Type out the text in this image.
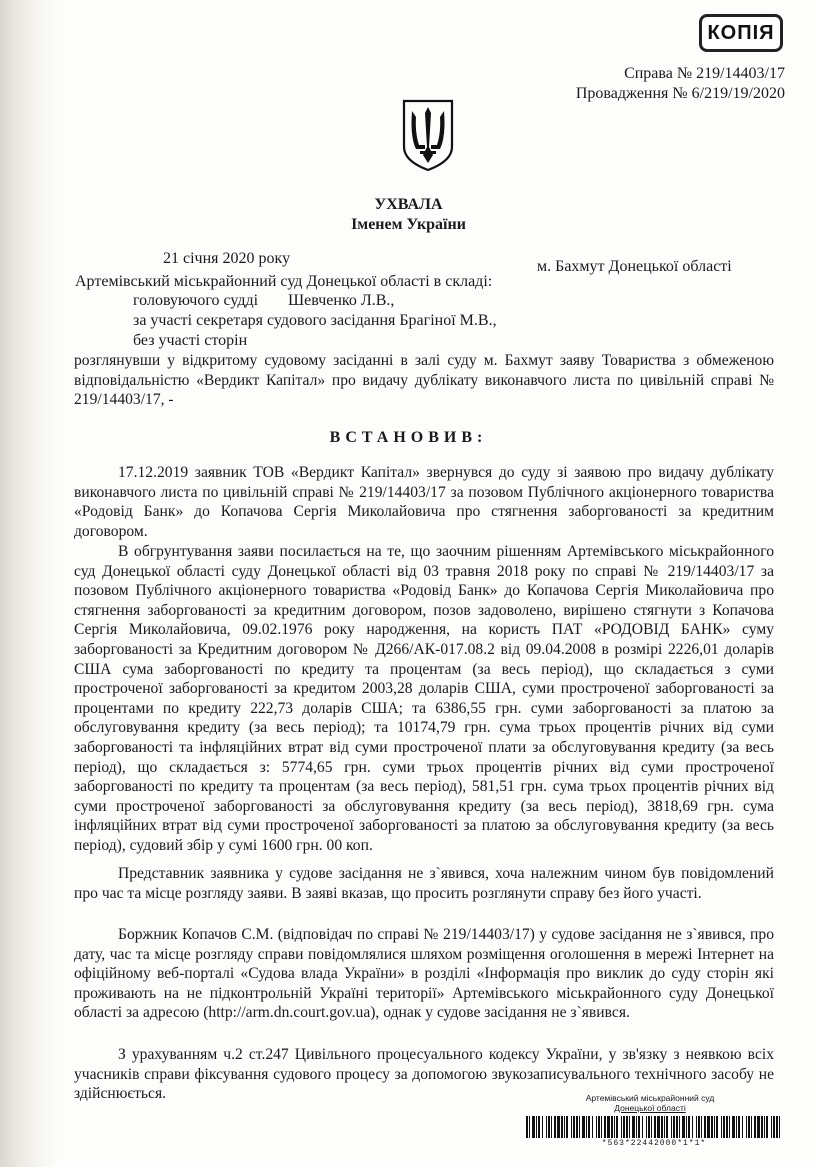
КОПІЯ
Справа № 219/14403/17
Провадження № 6/219/19/2020
УХВАЛА
Іменем України
21 січня 2020 року	м. Бахмут Донецької області
Артемівський міськрайонний суд Донецької області в складі:
головуючого судді Шевченко Л.В.,
за участі секретаря судового засідання Брагіної М.В.,
без участі сторін
розглянувши у відкритому судовому засіданні в залі суду м. Бахмут заяву Товариства з обмеженою відповідальністю «Вердикт Капітал» про видачу дублікату виконавчого листа по цивільній справі № 219/14403/17, -
ВСТАНОВИВ:
17.12.2019 заявник ТОВ «Вердикт Капітал» звернувся до суду зі заявою про видачу дублікату виконавчого листа по цивільній справі № 219/14403/17 за позовом Публічного акціонерного товариства «Родовід Банк» до Копачова Сергія Миколайовича про стягнення заборгованості за кредитним договором.
В обгрунтування заяви посилається на те, що заочним рішенням Артемівського міськрайонного суд Донецької області суду Донецької області від 03 травня 2018 року по справі № 219/14403/17 за позовом Публічного акціонерного товариства «Родовід Банк» до Копачова Сергія Миколайовича про стягнення заборгованості за кредитним договором, позов задоволено, вирішено стягнути з Копачова Сергія Миколайовича, 09.02.1976 року народження, на користь ПАТ «РОДОВІД БАНК» суму заборгованості за Кредитним договором № Д266/АК-017.08.2 від 09.04.2008 в розмірі 2226,01 доларів США сума заборгованості по кредиту та процентам (за весь період), що складається з суми простроченої заборгованості за кредитом 2003,28 доларів США, суми простроченої заборгованості за процентами по кредиту 222,73 доларів США; та 6386,55 грн. суми заборгованості за платою за обслуговування кредиту (за весь період); та 10174,79 грн. сума трьох процентів річних від суми заборгованості та інфляційних втрат від суми простроченої плати за обслуговування кредиту (за весь період), що складається з: 5774,65 грн. суми трьох процентів річних від суми простроченої заборгованості по кредиту та процентам (за весь період), 581,51 грн. сума трьох процентів річних від суми простроченої заборгованості за обслуговування кредиту (за весь період), 3818,69 грн. сума інфляційних втрат від суми простроченої заборгованості за платою за обслуговування кредиту (за весь період), судовий збір у сумі 1600 грн. 00 коп.
Представник заявника у судове засідання не з`явився, хоча належним чином був повідомлений про час та місце розгляду заяви. В заяві вказав, що просить розглянути справу без його участі.
Боржник Копачов С.М. (відповідач по справі № 219/14403/17) у судове засідання не з`явився, про дату, час та місце розгляду справи повідомлялися шляхом розміщення оголошення в мережі Інтернет на офіційному веб-порталі «Судова влада України» в розділі «Інформація про виклик до суду сторін які проживають на не підконтрольній Україні території» Артемівського міськрайонного суду Донецької області за адресою (http://arm.dn.court.gov.ua), однак у судове засідання не з`явився.
З урахуванням ч.2 ст.247 Цивільного процесуального кодексу України, у зв'язку з неявкою всіх учасників справи фіксування судового процесу за допомогою звукозаписувального технічного засобу не здійснюється.	Артемівський міськрайонний суд
Донецької області
*563*22442000*1*1*
